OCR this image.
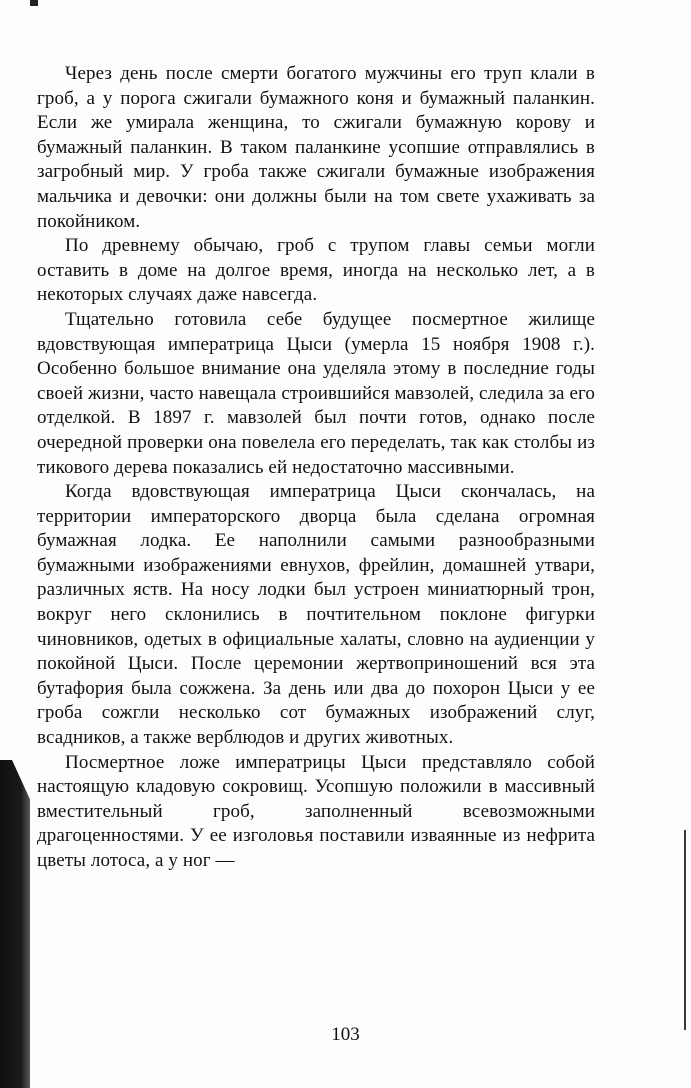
Через день после смерти богатого мужчины его труп клали в гроб, а у порога сжигали бумажного коня и бумажный паланкин. Если же умирала женщина, то сжигали бумажную корову и бумажный паланкин. В таком паланкине усопшие отправлялись в загробный мир. У гроба также сжигали бумажные изображения мальчика и девочки: они должны были на том свете ухаживать за покойником.

По древнему обычаю, гроб с трупом главы семьи могли оставить в доме на долгое время, иногда на несколько лет, а в некоторых случаях даже навсегда.

Тщательно готовила себе будущее посмертное жилище вдовствующая императрица Цыси (умерла 15 ноября 1908 г.). Особенно большое внимание она уделяла этому в последние годы своей жизни, часто навещала строившийся мавзолей, следила за его отделкой. В 1897 г. мавзолей был почти готов, однако после очередной проверки она повелела его переделать, так как столбы из тикового дерева показались ей недостаточно массивными.

Когда вдовствующая императрица Цыси скончалась, на территории императорского дворца была сделана огромная бумажная лодка. Ее наполнили самыми разнообразными бумажными изображениями евнухов, фрейлин, домашней утвари, различных яств. На носу лодки был устроен миниатюрный трон, вокруг него склонились в почтительном поклоне фигурки чиновников, одетых в официальные халаты, словно на аудиенции у покойной Цыси. После церемонии жертвоприношений вся эта бутафория была сожжена. За день или два до похорон Цыси у ее гроба сожгли несколько сот бумажных изображений слуг, всадников, а также верблюдов и других животных.

Посмертное ложе императрицы Цыси представляло собой настоящую кладовую сокровищ. Усопшую положили в массивный вместительный гроб, заполненный всевозможными драгоценностями. У ее изголовья поставили изваянные из нефрита цветы лотоса, а у ног —

103
